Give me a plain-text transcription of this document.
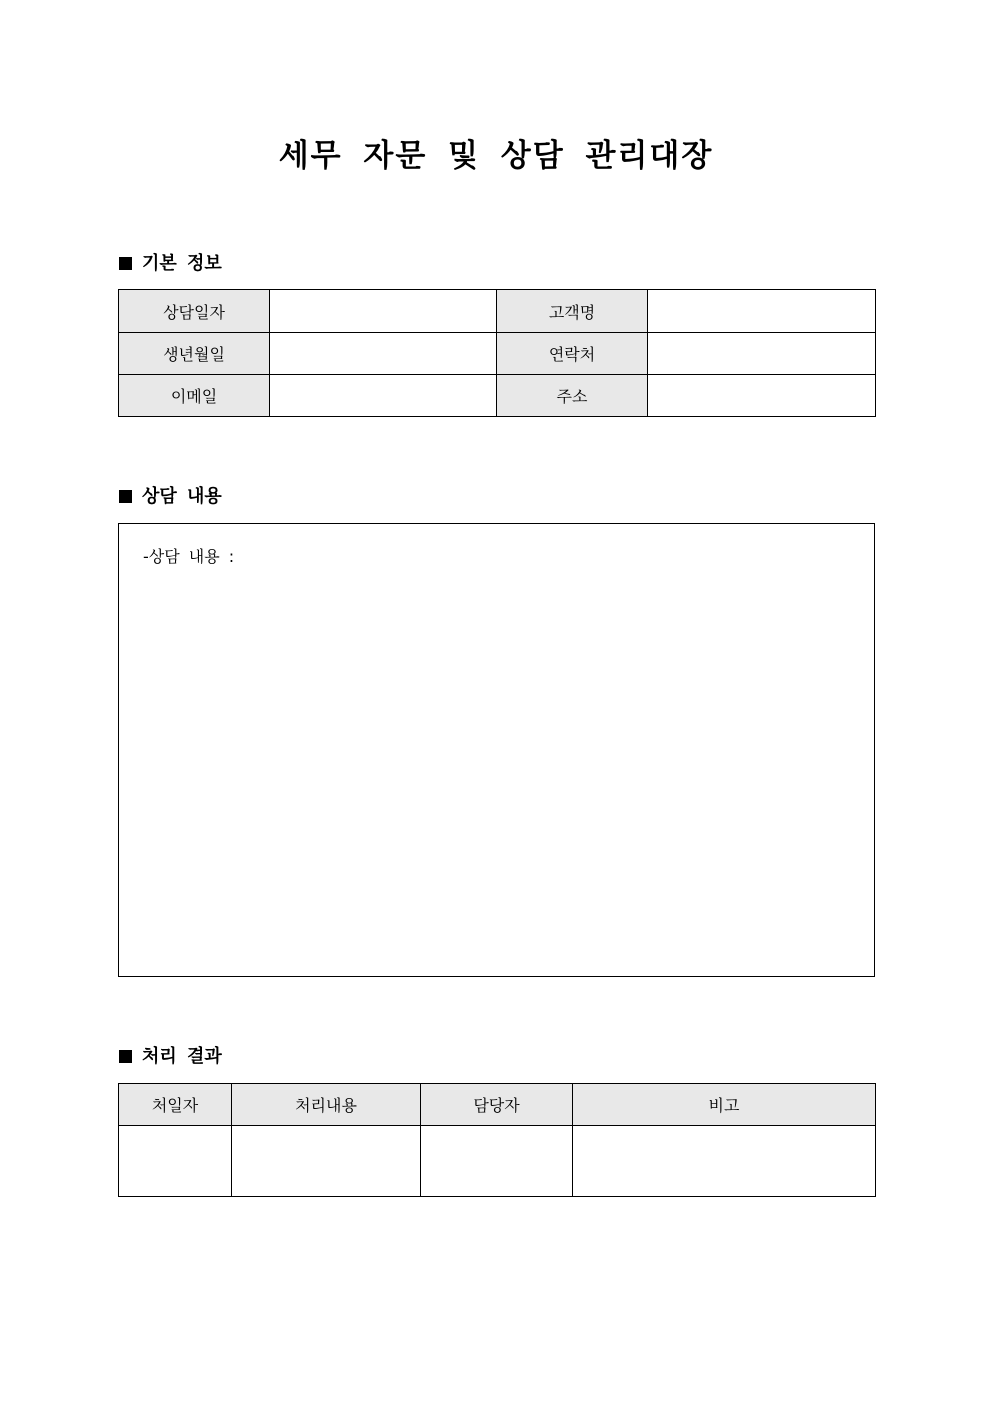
세무 자문 및 상담 관리대장
기본 정보
상담일자		고객명	
생년월일		연락처	
이메일		주소	
상담 내용
-상담 내용 :
처리 결과
처일자	처리내용	담당자	비고
